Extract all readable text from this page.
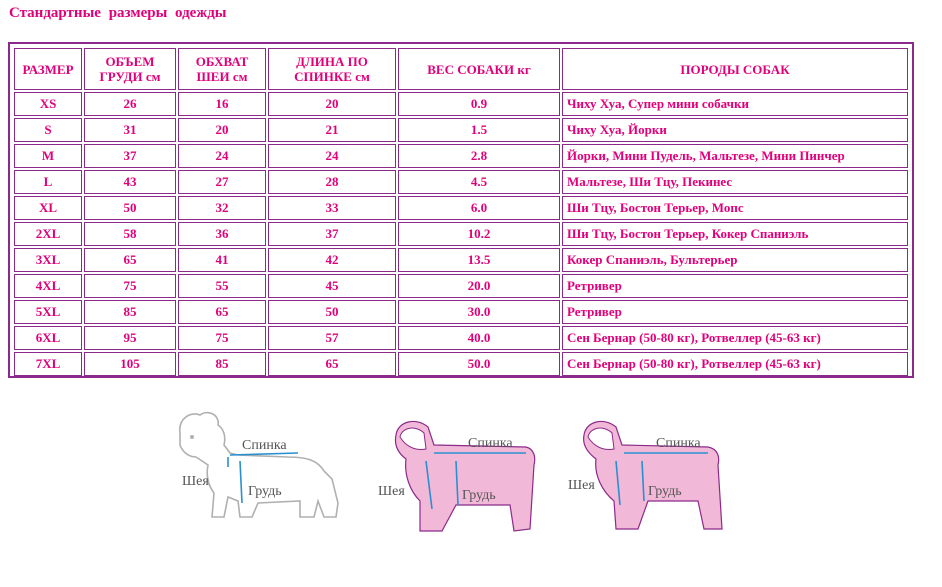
Стандартные размеры одежды
РАЗМЕР	ОБЪЕМ ГРУДИ см	ОБХВАТ ШЕИ см	ДЛИНА ПО СПИНКЕ см	ВЕС СОБАКИ кг	ПОРОДЫ СОБАК
XS	26	16	20	0.9	Чиху Хуа, Супер мини собачки
S	31	20	21	1.5	Чиху Хуа, Йорки
M	37	24	24	2.8	Йорки, Мини Пудель, Мальтезе, Мини Пинчер
L	43	27	28	4.5	Мальтезе, Ши Тцу, Пекинес
XL	50	32	33	6.0	Ши Тцу, Бостон Терьер, Мопс
2XL	58	36	37	10.2	Ши Тцу, Бостон Терьер, Кокер Спаниэль
3XL	65	41	42	13.5	Кокер Спаниэль, Бультерьер
4XL	75	55	45	20.0	Ретривер
5XL	85	65	50	30.0	Ретривер
6XL	95	75	57	40.0	Сен Бернар (50-80 кг), Ротвеллер (45-63 кг)
7XL	105	85	65	50.0	Сен Бернар (50-80 кг), Ротвеллер (45-63 кг)
Спинка
Шея
Грудь
Спинка
Шея	Грудь
Спинка
Шея	Грудь
